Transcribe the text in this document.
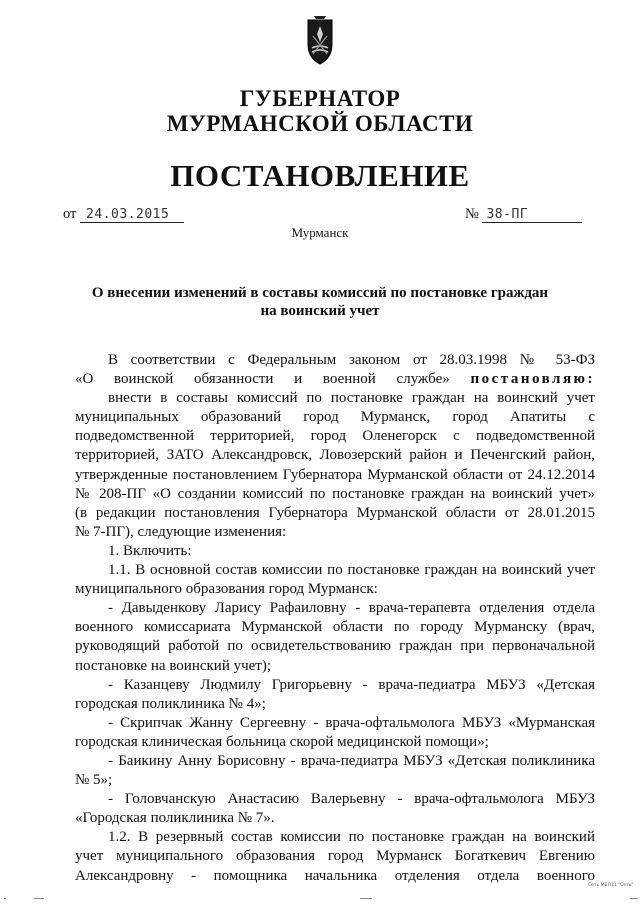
ГУБЕРНАТОР
МУРМАНСКОЙ ОБЛАСТИ
ПОСТАНОВЛЕНИЕ
от 24.03.2015	№ 38-ПГ
Мурманск
О внесении изменений в составы комиссий по постановке граждан
на воинский учет

В соответствии с Федеральным законом от 28.03.1998 № 53-ФЗ

«О воинской обязанности и военной службе» постановляю:

внести в составы комиссий по постановке граждан на воинский учет

муниципальных образований город Мурманск, город Апатиты с

подведомственной территорией, город Оленегорск с подведомственной

территорией, ЗАТО Александровск, Ловозерский район и Печенгский район,

утвержденные постановлением Губернатора Мурманской области от 24.12.2014

№ 208-ПГ «О создании комиссий по постановке граждан на воинский учет»

(в редакции постановления Губернатора Мурманской области от 28.01.2015

№ 7-ПГ), следующие изменения:

1. Включить:

1.1. В основной состав комиссии по постановке граждан на воинский учет

муниципального образования город Мурманск:

- Давыденкову Ларису Рафаиловну - врача-терапевта отделения отдела

военного комиссариата Мурманской области по городу Мурманску (врач,

руководящий работой по освидетельствованию граждан при первоначальной

постановке на воинский учет);

- Казанцеву Людмилу Григорьевну - врача-педиатра МБУЗ «Детская

городская поликлиника № 4»;

- Скрипчак Жанну Сергеевну - врача-офтальмолога МБУЗ «Мурманская

городская клиническая больница скорой медицинской помощи»;

- Баикину Анну Борисовну - врача-педиатра МБУЗ «Детская поликлиника

№ 5»;

- Головчанскую Анастасию Валерьевну - врача-офтальмолога МБУЗ

«Городская поликлиника № 7».

1.2. В резервный состав комиссии по постановке граждан на воинский

учет муниципального образования город Мурманск Богаткевич Евгению

Александровну - помощника начальника отделения отдела военного

Сеть МБП11 "Сеть"
